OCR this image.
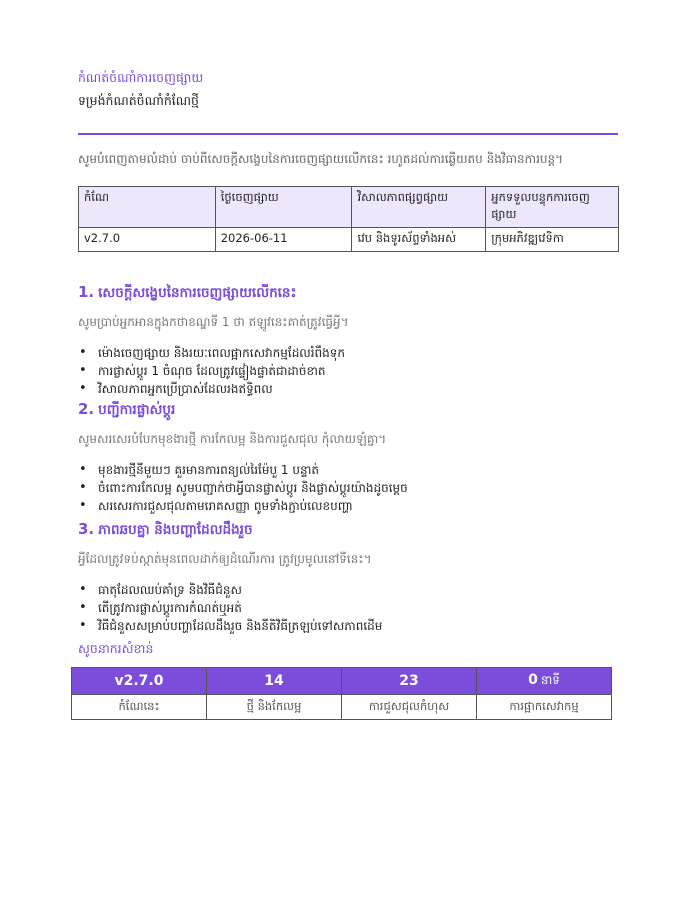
កំណត់ចំណាំការចេញផ្សាយ
ទម្រង់កំណត់ចំណាំកំណែថ្មី
សូមបំពេញតាមលំដាប់ ចាប់ពីសេចក្ដីសង្ខេបនៃការចេញផ្សាយលើកនេះ រហូតដល់ការឆ្លើយតប និងវិធានការបន្ត។
កំណែ	ថ្ងៃចេញផ្សាយ	វិសាលភាពផ្សព្វផ្សាយ	អ្នកទទួលបន្ទុកការចេញផ្សាយ
v2.7.0	2026-06-11	វេប និងទូរស័ព្ទទាំងអស់	ក្រុមអភិវឌ្ឍវេទិកា
1. សេចក្ដីសង្ខេបនៃការចេញផ្សាយលើកនេះ
សូមប្រាប់អ្នកអានក្នុងកថាខណ្ឌទី 1 ថា ឥឡូវនេះគាត់ត្រូវធ្វើអ្វី។
• ម៉ោងចេញផ្សាយ និងរយៈពេលផ្អាកសេវាកម្មដែលរំពឹងទុក
• ការផ្លាស់ប្ដូរ 1 ចំណុច ដែលត្រូវផ្ទៀងផ្ទាត់ជាដាច់ខាត
• វិសាលភាពអ្នកប្រើប្រាស់ដែលរងឥទ្ធិពល
2. បញ្ជីការផ្លាស់ប្ដូរ
សូមសរសេរបំបែកមុខងារថ្មី ការកែលម្អ និងការជួសជុល កុំលាយឡំគ្នា។
• មុខងារថ្មីនីមួយៗ គួរមានការពន្យល់រៃម៉ែបួ 1 បន្ទាត់
• ចំពោះការកែលម្អ សូមបញ្ជាក់ថាអ្វីបានផ្លាស់ប្ដូរ និងផ្លាស់ប្ដូរយ៉ាងដូចម្ដេច
• សរសេរការជួសជុលតាមរោគសញ្ញា ពូមទាំងភ្ជាប់លេខបញ្ហា
3. ភាពឆបគ្នា និងបញ្ហាដែលដឹងរួច
អ្វីដែលត្រូវទប់ស្កាត់មុនពេលដាក់ឲ្យដំណើរការ ត្រូវប្រមូលនៅទីនេះ។
• ធាតុដែលឈប់គាំទ្រ និងវិធីជំនួស
• តើត្រូវការផ្លាស់ប្ដូរការកំណត់ឬអត់
• វិធីជំនួសសម្រាប់បញ្ហាដែលដឹងរួច និងនីតិវិធីត្រឡប់ទៅសភាពដើម
សូចនាករសំខាន់
v2.7.0	14	23	0 នាទី
កំណែនេះ	ថ្មី និងកែលម្អ	ការជួសជុលកំហុស	ការផ្អាកសេវាកម្ម
